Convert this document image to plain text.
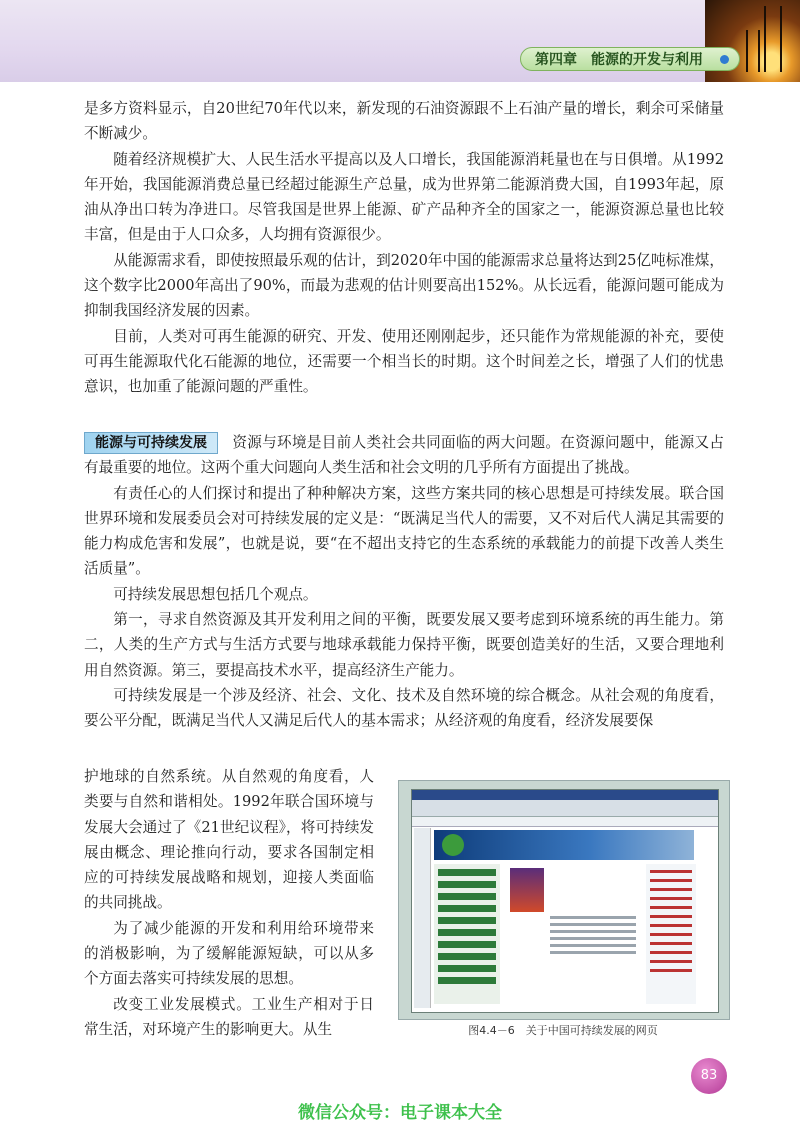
第四章　能源的开发与利用

是多方资料显示，自20世纪70年代以来，新发现的石油资源跟不上石油产量的增长，剩余可采储量不断减少。

随着经济规模扩大、人民生活水平提高以及人口增长，我国能源消耗量也在与日俱增。从1992年开始，我国能源消费总量已经超过能源生产总量，成为世界第二能源消费大国，自1993年起，原油从净出口转为净进口。尽管我国是世界上能源、矿产品种齐全的国家之一，能源资源总量也比较丰富，但是由于人口众多，人均拥有资源很少。

从能源需求看，即使按照最乐观的估计，到2020年中国的能源需求总量将达到25亿吨标准煤，这个数字比2000年高出了90%，而最为悲观的估计则要高出152%。从长远看，能源问题可能成为抑制我国经济发展的因素。

目前，人类对可再生能源的研究、开发、使用还刚刚起步，还只能作为常规能源的补充，要使可再生能源取代化石能源的地位，还需要一个相当长的时期。这个时间差之长，增强了人们的忧患意识，也加重了能源问题的严重性。

能源与可持续发展 资源与环境是目前人类社会共同面临的两大问题。在资源问题中，能源又占有最重要的地位。这两个重大问题向人类生活和社会文明的几乎所有方面提出了挑战。

有责任心的人们探讨和提出了种种解决方案，这些方案共同的核心思想是可持续发展。联合国世界环境和发展委员会对可持续发展的定义是：“既满足当代人的需要，又不对后代人满足其需要的能力构成危害和发展”，也就是说，要“在不超出支持它的生态系统的承载能力的前提下改善人类生活质量”。

可持续发展思想包括几个观点。

第一，寻求自然资源及其开发利用之间的平衡，既要发展又要考虑到环境系统的再生能力。第二，人类的生产方式与生活方式要与地球承载能力保持平衡，既要创造美好的生活，又要合理地利用自然资源。第三，要提高技术水平，提高经济生产能力。

可持续发展是一个涉及经济、社会、文化、技术及自然环境的综合概念。从社会观的角度看，要公平分配，既满足当代人又满足后代人的基本需求；从经济观的角度看，经济发展要保

护地球的自然系统。从自然观的角度看，人类要与自然和谐相处。1992年联合国环境与发展大会通过了《21世纪议程》，将可持续发展由概念、理论推向行动，要求各国制定相应的可持续发展战略和规划，迎接人类面临的共同挑战。

为了减少能源的开发和利用给环境带来的消极影响，为了缓解能源短缺，可以从多个方面去落实可持续发展的思想。

改变工业发展模式。工业生产相对于日常生活，对环境产生的影响更大。从生	图4.4－6　关于中国可持续发展的网页
83
微信公众号：电子课本大全
